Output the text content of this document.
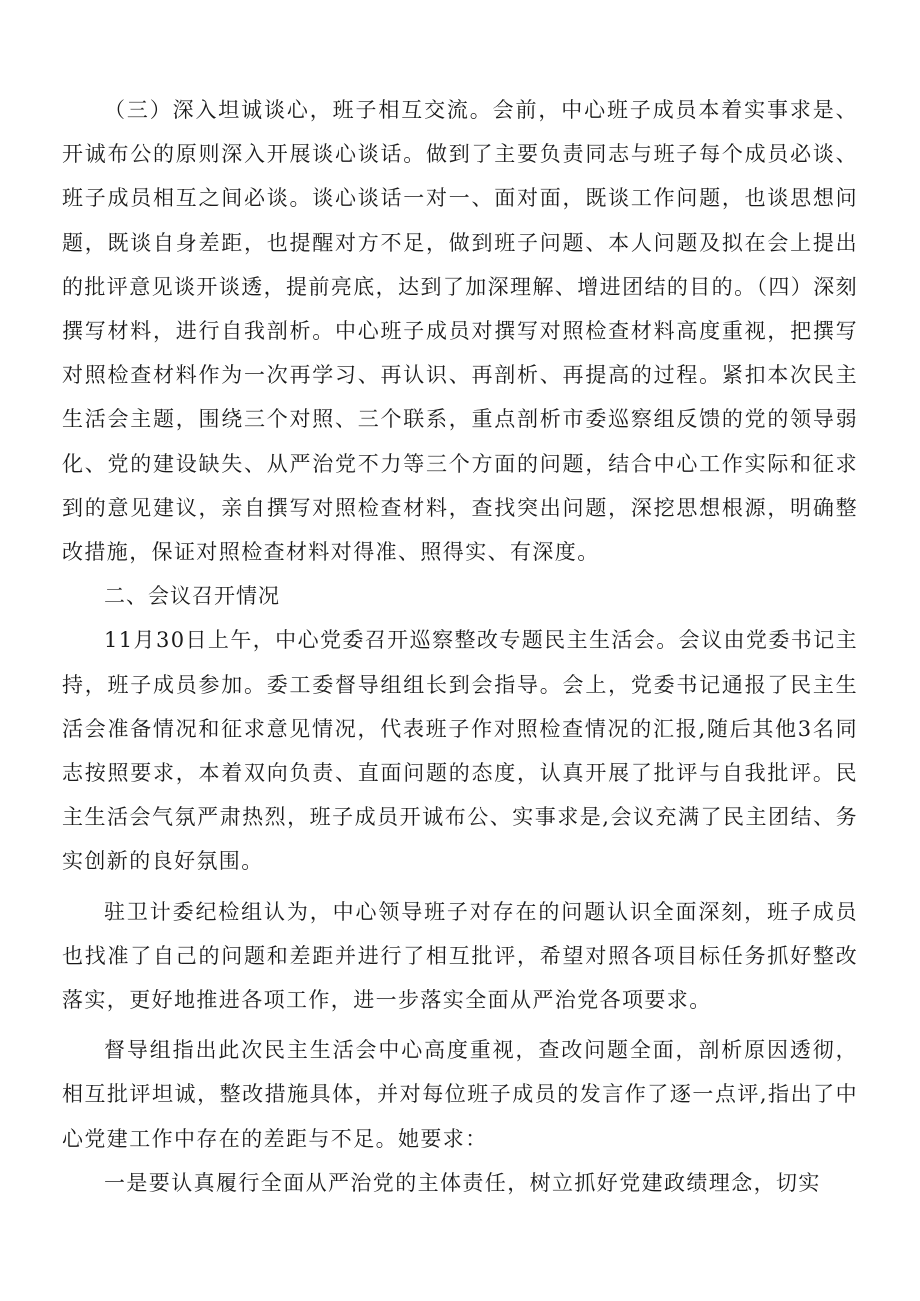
（三）深入坦诚谈心，班子相互交流。会前，中心班子成员本着实事求是、开诚布公的原则深入开展谈心谈话。做到了主要负责同志与班子每个成员必谈、班子成员相互之间必谈。谈心谈话一对一、面对面，既谈工作问题，也谈思想问题，既谈自身差距，也提醒对方不足，做到班子问题、本人问题及拟在会上提出的批评意见谈开谈透，提前亮底，达到了加深理解、增进团结的目的。（四）深刻撰写材料，进行自我剖析。中心班子成员对撰写对照检查材料高度重视，把撰写对照检查材料作为一次再学习、再认识、再剖析、再提高的过程。紧扣本次民主生活会主题，围绕三个对照、三个联系，重点剖析市委巡察组反馈的党的领导弱化、党的建设缺失、从严治党不力等三个方面的问题，结合中心工作实际和征求到的意见建议，亲自撰写对照检查材料，查找突出问题，深挖思想根源，明确整改措施，保证对照检查材料对得准、照得实、有深度。

二、会议召开情况

11月30日上午，中心党委召开巡察整改专题民主生活会。会议由党委书记主持，班子成员参加。委工委督导组组长到会指导。会上，党委书记通报了民主生活会准备情况和征求意见情况，代表班子作对照检查情况的汇报,随后其他3名同志按照要求，本着双向负责、直面问题的态度，认真开展了批评与自我批评。民主生活会气氛严肃热烈，班子成员开诚布公、实事求是,会议充满了民主团结、务实创新的良好氛围。

驻卫计委纪检组认为，中心领导班子对存在的问题认识全面深刻，班子成员也找准了自己的问题和差距并进行了相互批评，希望对照各项目标任务抓好整改落实，更好地推进各项工作，进一步落实全面从严治党各项要求。

督导组指出此次民主生活会中心高度重视，查改问题全面，剖析原因透彻，相互批评坦诚，整改措施具体，并对每位班子成员的发言作了逐一点评,指出了中心党建工作中存在的差距与不足。她要求：

一是要认真履行全面从严治党的主体责任，树立抓好党建政绩理念，切实
